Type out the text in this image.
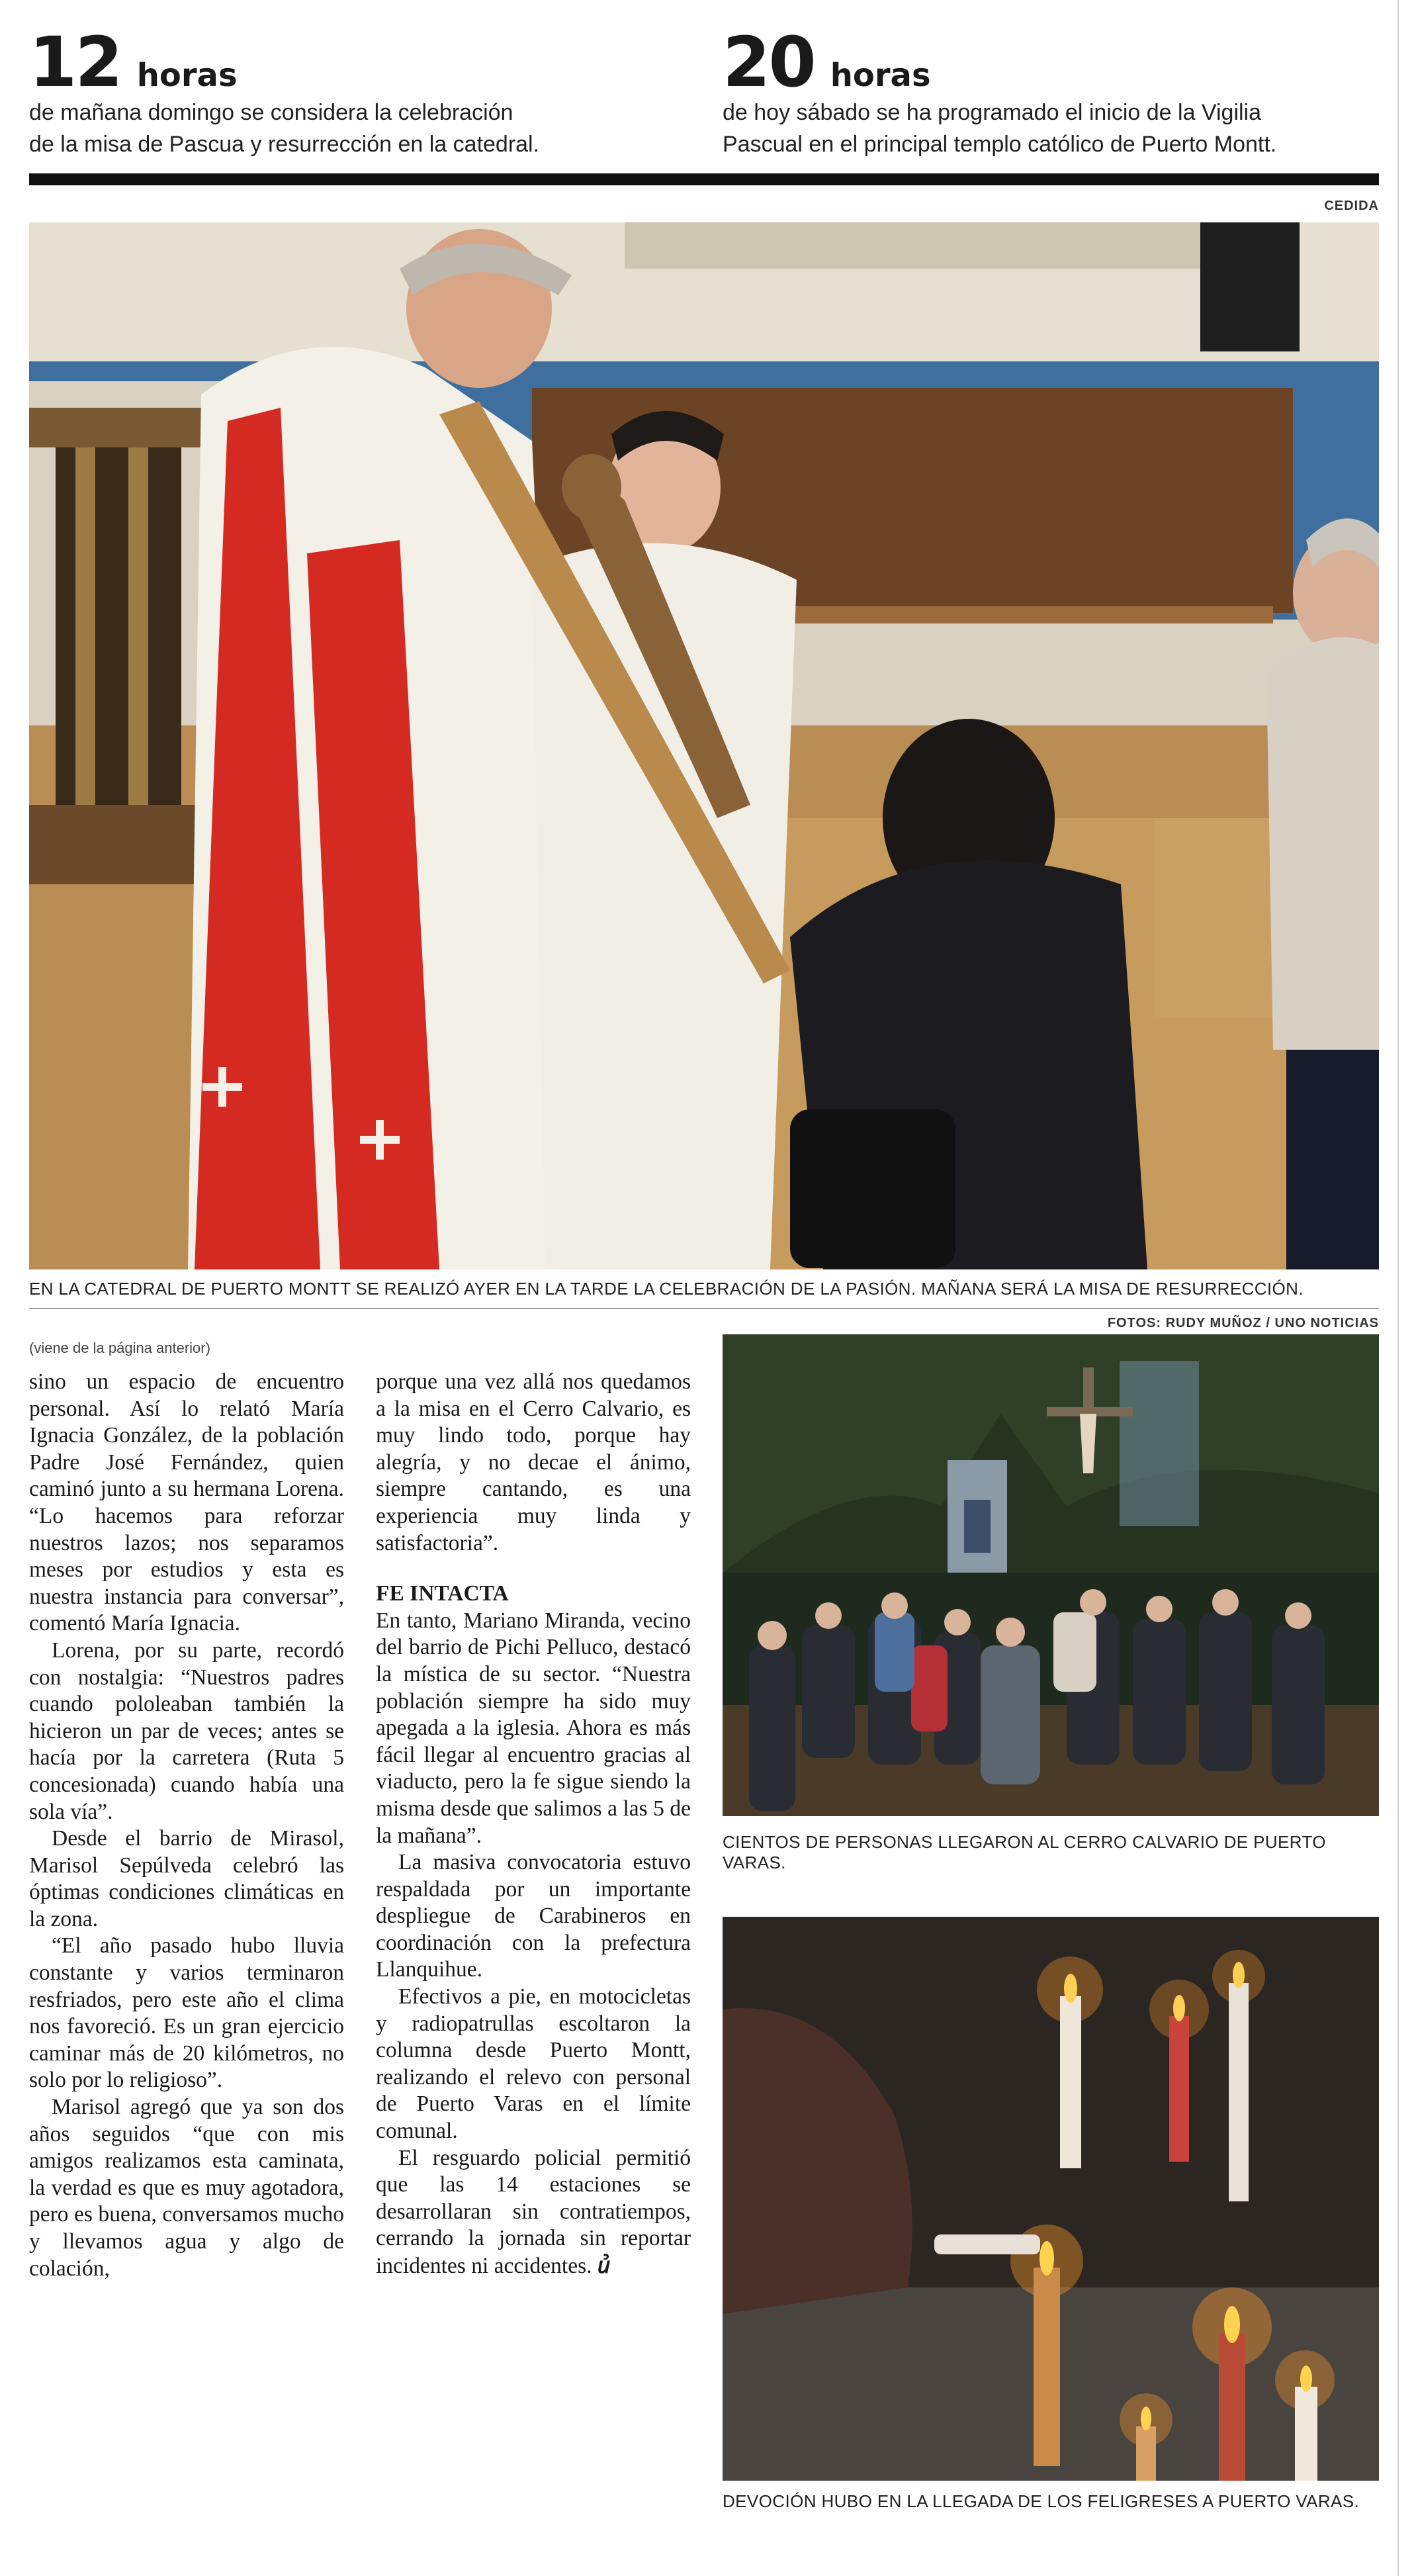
12 horas
de mañana domingo se considera la celebración
de la misa de Pascua y resurrección en la catedral.
20 horas
de hoy sábado se ha programado el inicio de la Vigilia
Pascual en el principal templo católico de Puerto Montt.
CEDIDA
EN LA CATEDRAL DE PUERTO MONTT SE REALIZÓ AYER EN LA TARDE LA CELEBRACIÓN DE LA PASIÓN. MAÑANA SERÁ LA MISA DE RESURRECCIÓN.
FOTOS: RUDY MUÑOZ / UNO NOTICIAS
(viene de la página anterior)

sino un espacio de encuentro personal. Así lo relató María Ignacia González, de la población Padre José Fernández, quien caminó junto a su hermana Lorena. “Lo hacemos para reforzar nuestros lazos; nos separamos meses por estudios y esta es nuestra instancia para conversar”, comentó María Ignacia.

Lorena, por su parte, recordó con nostalgia: “Nuestros padres cuando pololeaban también la hicieron un par de veces; antes se hacía por la carretera (Ruta 5 concesionada) cuando había una sola vía”.

Desde el barrio de Mirasol, Marisol Sepúlveda celebró las óptimas condiciones climáticas en la zona.

“El año pasado hubo lluvia constante y varios terminaron resfriados, pero este año el clima nos favoreció. Es un gran ejercicio caminar más de 20 kilómetros, no solo por lo religioso”.

Marisol agregó que ya son dos años seguidos “que con mis amigos realizamos esta caminata, la verdad es que es muy agotadora, pero es buena, conversamos mucho y llevamos agua y algo de colación,

porque una vez allá nos quedamos a la misa en el Cerro Calvario, es muy lindo todo, porque hay alegría, y no decae el ánimo, siempre cantando, es una experiencia muy linda y satisfactoria”.

FE INTACTA

En tanto, Mariano Miranda, vecino del barrio de Pichi Pelluco, destacó la mística de su sector. “Nuestra población siempre ha sido muy apegada a la iglesia. Ahora es más fácil llegar al encuentro gracias al viaducto, pero la fe sigue siendo la misma desde que salimos a las 5 de la mañana”.

La masiva convocatoria estuvo respaldada por un importante despliegue de Carabineros en coordinación con la prefectura Llanquihue.

Efectivos a pie, en motocicletas y radiopatrullas escoltaron la columna desde Puerto Montt, realizando el relevo con personal de Puerto Varas en el límite comunal.

El resguardo policial permitió que las 14 estaciones se desarrollaran sin contratiempos, cerrando la jornada sin reportar incidentes ni accidentes. ꞿ

CIENTOS DE PERSONAS LLEGARON AL CERRO CALVARIO DE PUERTO VARAS.
DEVOCIÓN HUBO EN LA LLEGADA DE LOS FELIGRESES A PUERTO VARAS.
